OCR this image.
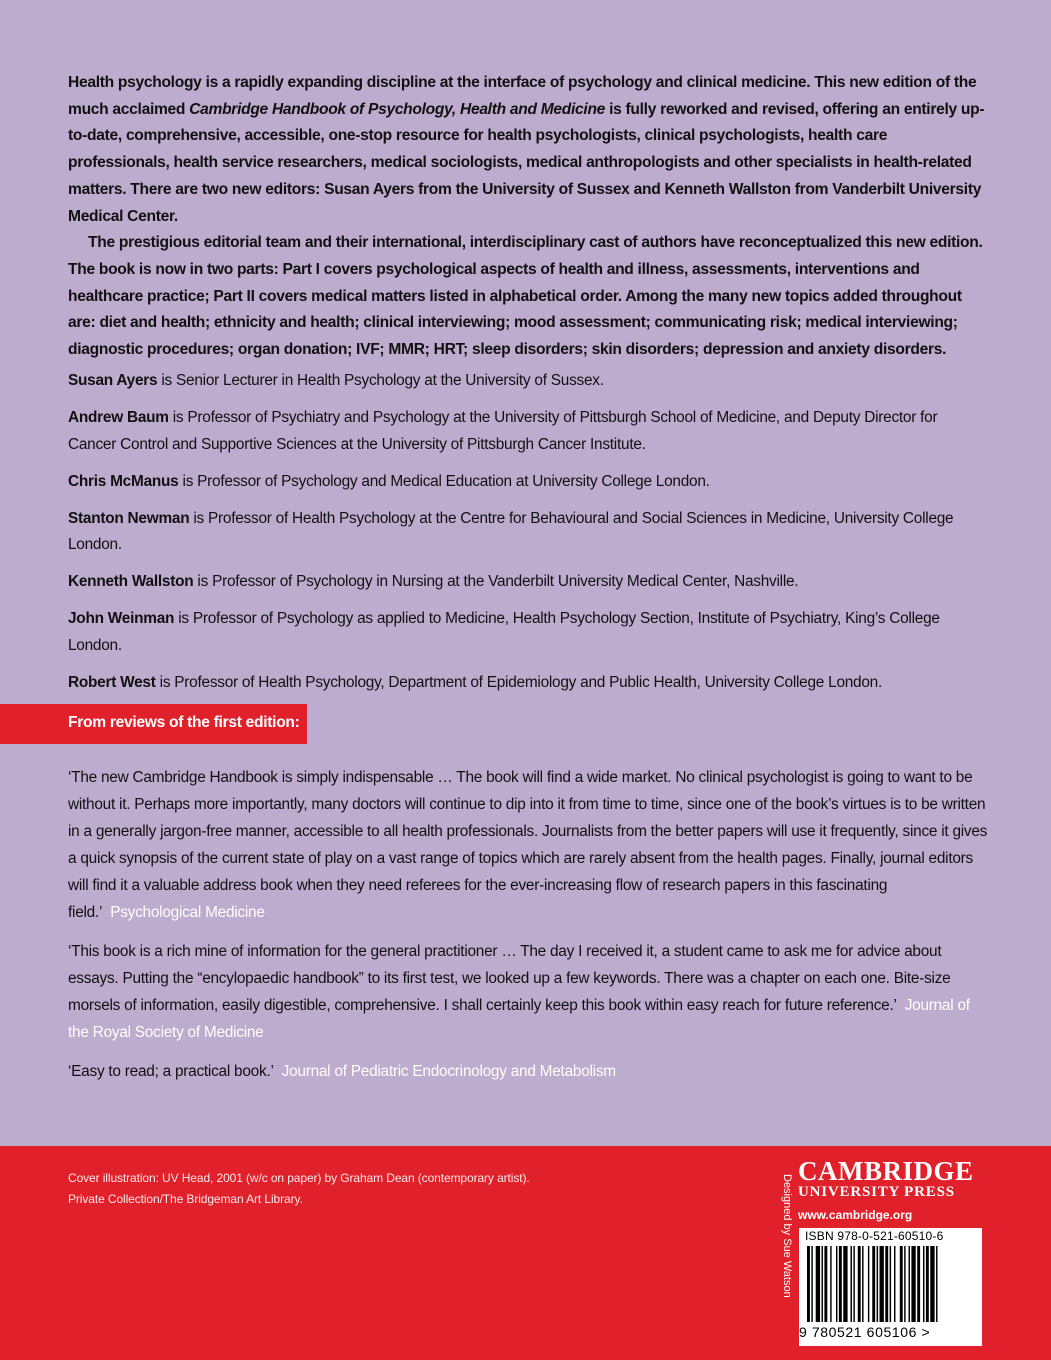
Health psychology is a rapidly expanding discipline at the interface of psychology and clinical medicine. This new edition of the much acclaimed Cambridge Handbook of Psychology, Health and Medicine is fully reworked and revised, offering an entirely up-to-date, comprehensive, accessible, one-stop resource for health psychologists, clinical psychologists, health care professionals, health service researchers, medical sociologists, medical anthropologists and other specialists in health-related matters. There are two new editors: Susan Ayers from the University of Sussex and Kenneth Wallston from Vanderbilt University Medical Center.

The prestigious editorial team and their international, interdisciplinary cast of authors have reconceptualized this new edition. The book is now in two parts: Part I covers psychological aspects of health and illness, assessments, interventions and healthcare practice; Part II covers medical matters listed in alphabetical order. Among the many new topics added throughout are: diet and health; ethnicity and health; clinical interviewing; mood assessment; communicating risk; medical interviewing; diagnostic procedures; organ donation; IVF; MMR; HRT; sleep disorders; skin disorders; depression and anxiety disorders.

Susan Ayers is Senior Lecturer in Health Psychology at the University of Sussex.

Andrew Baum is Professor of Psychiatry and Psychology at the University of Pittsburgh School of Medicine, and Deputy Director for Cancer Control and Supportive Sciences at the University of Pittsburgh Cancer Institute.

Chris McManus is Professor of Psychology and Medical Education at University College London.

Stanton Newman is Professor of Health Psychology at the Centre for Behavioural and Social Sciences in Medicine, University College London.

Kenneth Wallston is Professor of Psychology in Nursing at the Vanderbilt University Medical Center, Nashville.

John Weinman is Professor of Psychology as applied to Medicine, Health Psychology Section, Institute of Psychiatry, King’s College London.

Robert West is Professor of Health Psychology, Department of Epidemiology and Public Health, University College London.

From reviews of the first edition:

‘The new Cambridge Handbook is simply indispensable … The book will find a wide market. No clinical psychologist is going to want to be without it. Perhaps more importantly, many doctors will continue to dip into it from time to time, since one of the book’s virtues is to be written in a generally jargon-free manner, accessible to all health professionals. Journalists from the better papers will use it frequently, since it gives a quick synopsis of the current state of play on a vast range of topics which are rarely absent from the health pages. Finally, journal editors will find it a valuable address book when they need referees for the ever-increasing flow of research papers in this fascinating field.’ Psychological Medicine

‘This book is a rich mine of information for the general practitioner … The day I received it, a student came to ask me for advice about essays. Putting the “encylopaedic handbook” to its first test, we looked up a few keywords. There was a chapter on each one. Bite-size morsels of information, easily digestible, comprehensive. I shall certainly keep this book within easy reach for future reference.’ Journal of the Royal Society of Medicine

‘Easy to read; a practical book.’ Journal of Pediatric Endocrinology and Metabolism

Cover illustration: UV Head, 2001 (w/c on paper) by Graham Dean (contemporary artist).
Private Collection/The Bridgeman Art Library.	Designed by Sue Watson
CAMBRIDGE
UNIVERSITY PRESS
www.cambridge.org
ISBN 978-0-521-60510-6
9 780521 605106 >
